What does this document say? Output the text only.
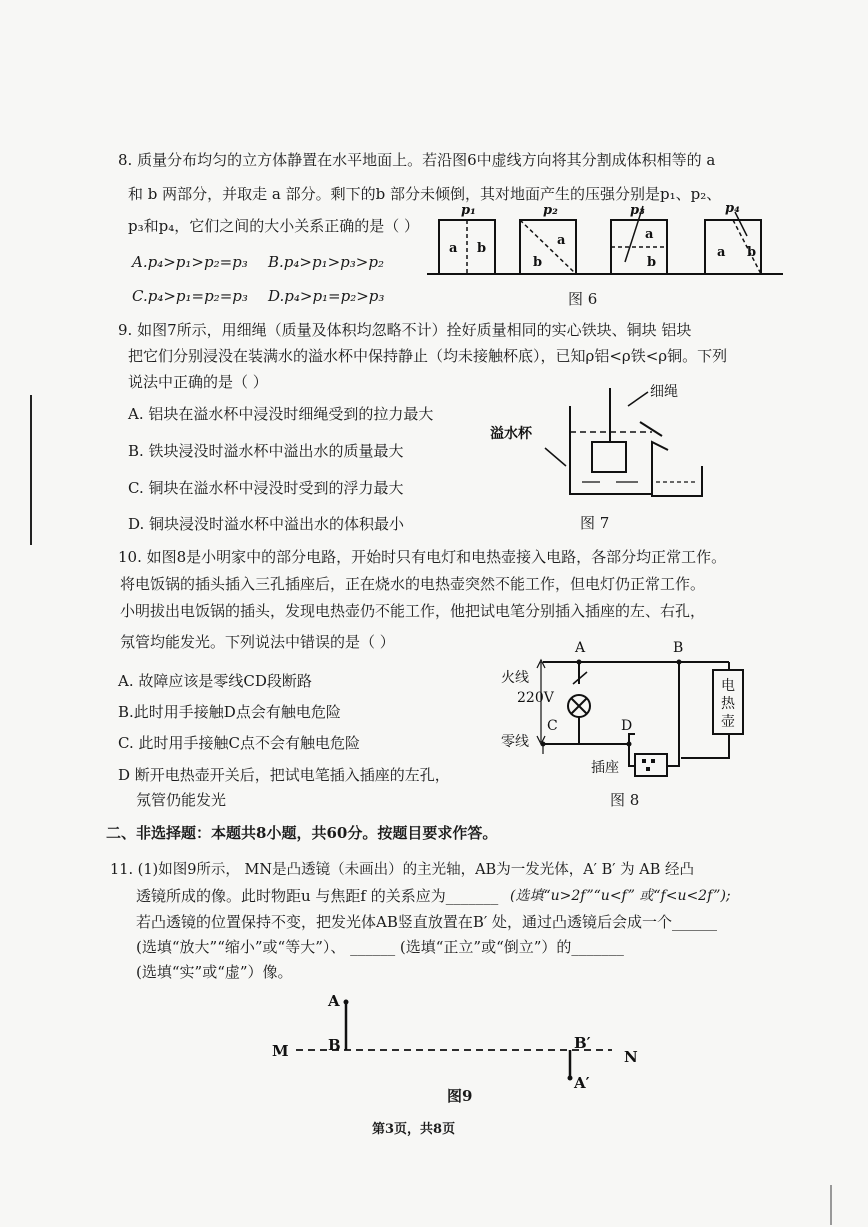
8. 质量分布均匀的立方体静置在水平地面上。若沿图6中虚线方向将其分割成体积相等的 a
和 b 两部分，并取走 a 部分。剩下的b 部分未倾倒，其对地面产生的压强分别是p₁、p₂、
p₃和p₄，它们之间的大小关系正确的是（ ）
A.p₄>p₁>p₂=p₃ B.p₄>p₁>p₃>p₂
C.p₄>p₁=p₂=p₃ D.p₄>p₁=p₂>p₃
p₁	p₂	p₃	p₄
a b
a
b
a
b
a b
图 6
9. 如图7所示，用细绳（质量及体积均忽略不计）拴好质量相同的实心铁块、铜块 铝块
把它们分别浸没在装满水的溢水杯中保持静止（均未接触杯底），已知ρ铝<ρ铁<ρ铜。下列
说法中正确的是（ ）
A. 铝块在溢水杯中浸没时细绳受到的拉力最大
B. 铁块浸没时溢水杯中溢出水的质量最大
C. 铜块在溢水杯中浸没时受到的浮力最大
D. 铜块浸没时溢水杯中溢出水的体积最小
细绳
溢水杯
图 7
10. 如图8是小明家中的部分电路，开始时只有电灯和电热壶接入电路，各部分均正常工作。
将电饭锅的插头插入三孔插座后，正在烧水的电热壶突然不能工作，但电灯仍正常工作。
小明拔出电饭锅的插头，发现电热壶仍不能工作，他把试电笔分别插入插座的左、右孔，
氖管均能发光。下列说法中错误的是（ ）
A. 故障应该是零线CD段断路
B.此时用手接触D点会有触电危险
C. 此时用手接触C点不会有触电危险
D 断开电热壶开关后，把试电笔插入插座的左孔，
氖管仍能发光
火线
220V
零线
A	B
C	D
插座
电
热
壶
图 8
二、非选择题：本题共8小题，共60分。按题目要求作答。
11. (1)如图9所示， MN是凸透镜（未画出）的主光轴，AB为一发光体，A′ B′ 为 AB 经凸
透镜所成的像。此时物距u 与焦距f 的关系应为_______ (选填“u>2f”“u<f” 或“f<u<2f”);
若凸透镜的位置保持不变，把发光体AB竖直放置在B′ 处，通过凸透镜后会成一个______
(选填“放大”“缩小”或“等大”）、 ______ (选填“正立”或“倒立”）的_______
(选填“实”或“虚”）像。
M	N
A
B	B′
A′
图9
第3页，共8页
